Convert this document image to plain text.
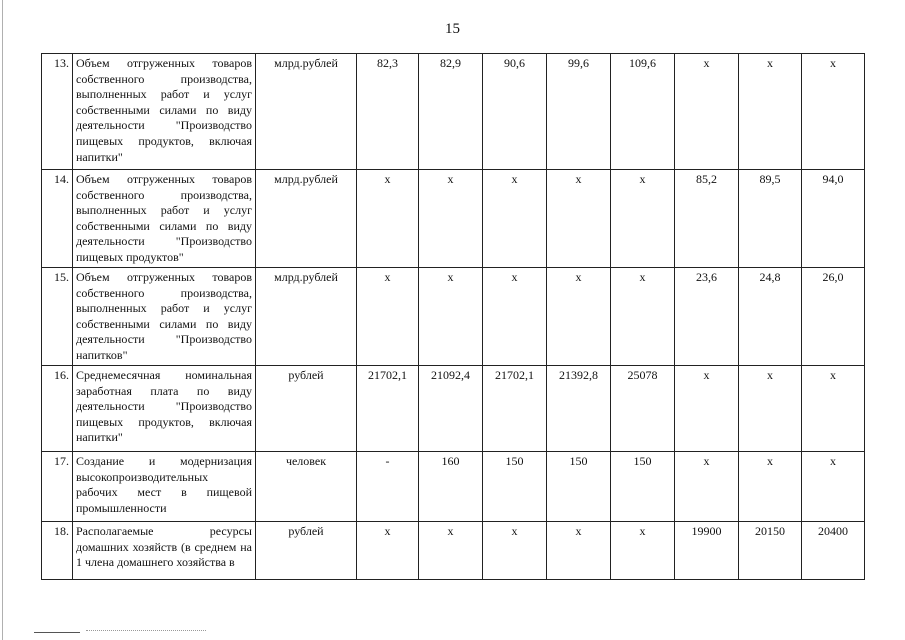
15
13.	Объем отгруженных товаров собственного производства, выполненных работ и услуг собственными силами по виду деятельности "Производство пищевых продуктов, включая напитки"	млрд.рублей	82,3	82,9	90,6	99,6	109,6	х	х	х
14.	Объем отгруженных товаров собственного производства, выполненных работ и услуг собственными силами по виду деятельности "Производство пищевых продуктов"	млрд.рублей	х	х	х	х	х	85,2	89,5	94,0
15.	Объем отгруженных товаров собственного производства, выполненных работ и услуг собственными силами по виду деятельности "Производство напитков"	млрд.рублей	х	х	х	х	х	23,6	24,8	26,0
16.	Среднемесячная номинальная заработная плата по виду деятельности "Производство пищевых продуктов, включая напитки"	рублей	21702,1	21092,4	21702,1	21392,8	25078	х	х	х
17.	Создание и модернизация высокопроизводительных рабочих мест в пищевой промышленности	человек	-	160	150	150	150	х	х	х
18.	Располагаемые ресурсы домашних хозяйств (в среднем на 1 члена домашнего хозяйства в	рублей	х	х	х	х	х	19900	20150	20400
